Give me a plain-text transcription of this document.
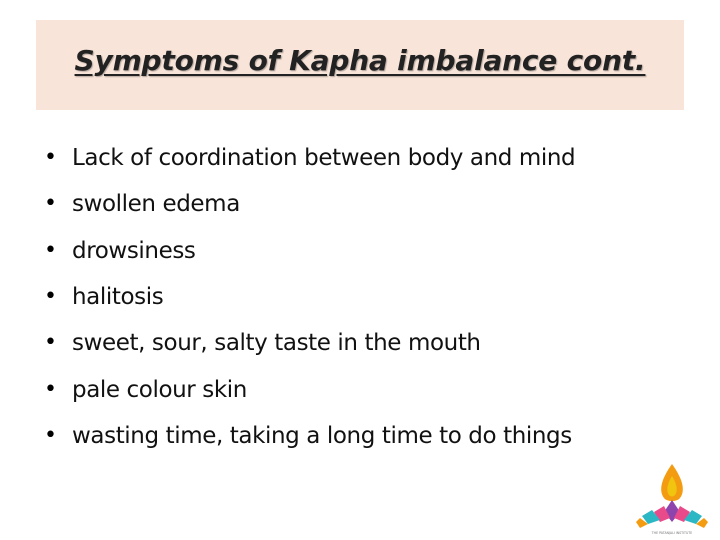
Symptoms of Kapha imbalance cont.
• Lack of coordination between body and mind
• swollen edema
• drowsiness
• halitosis
• sweet, sour, salty taste in the mouth
• pale colour skin
• wasting time, taking a long time to do things
THE PATANJALI INSTITUTE
